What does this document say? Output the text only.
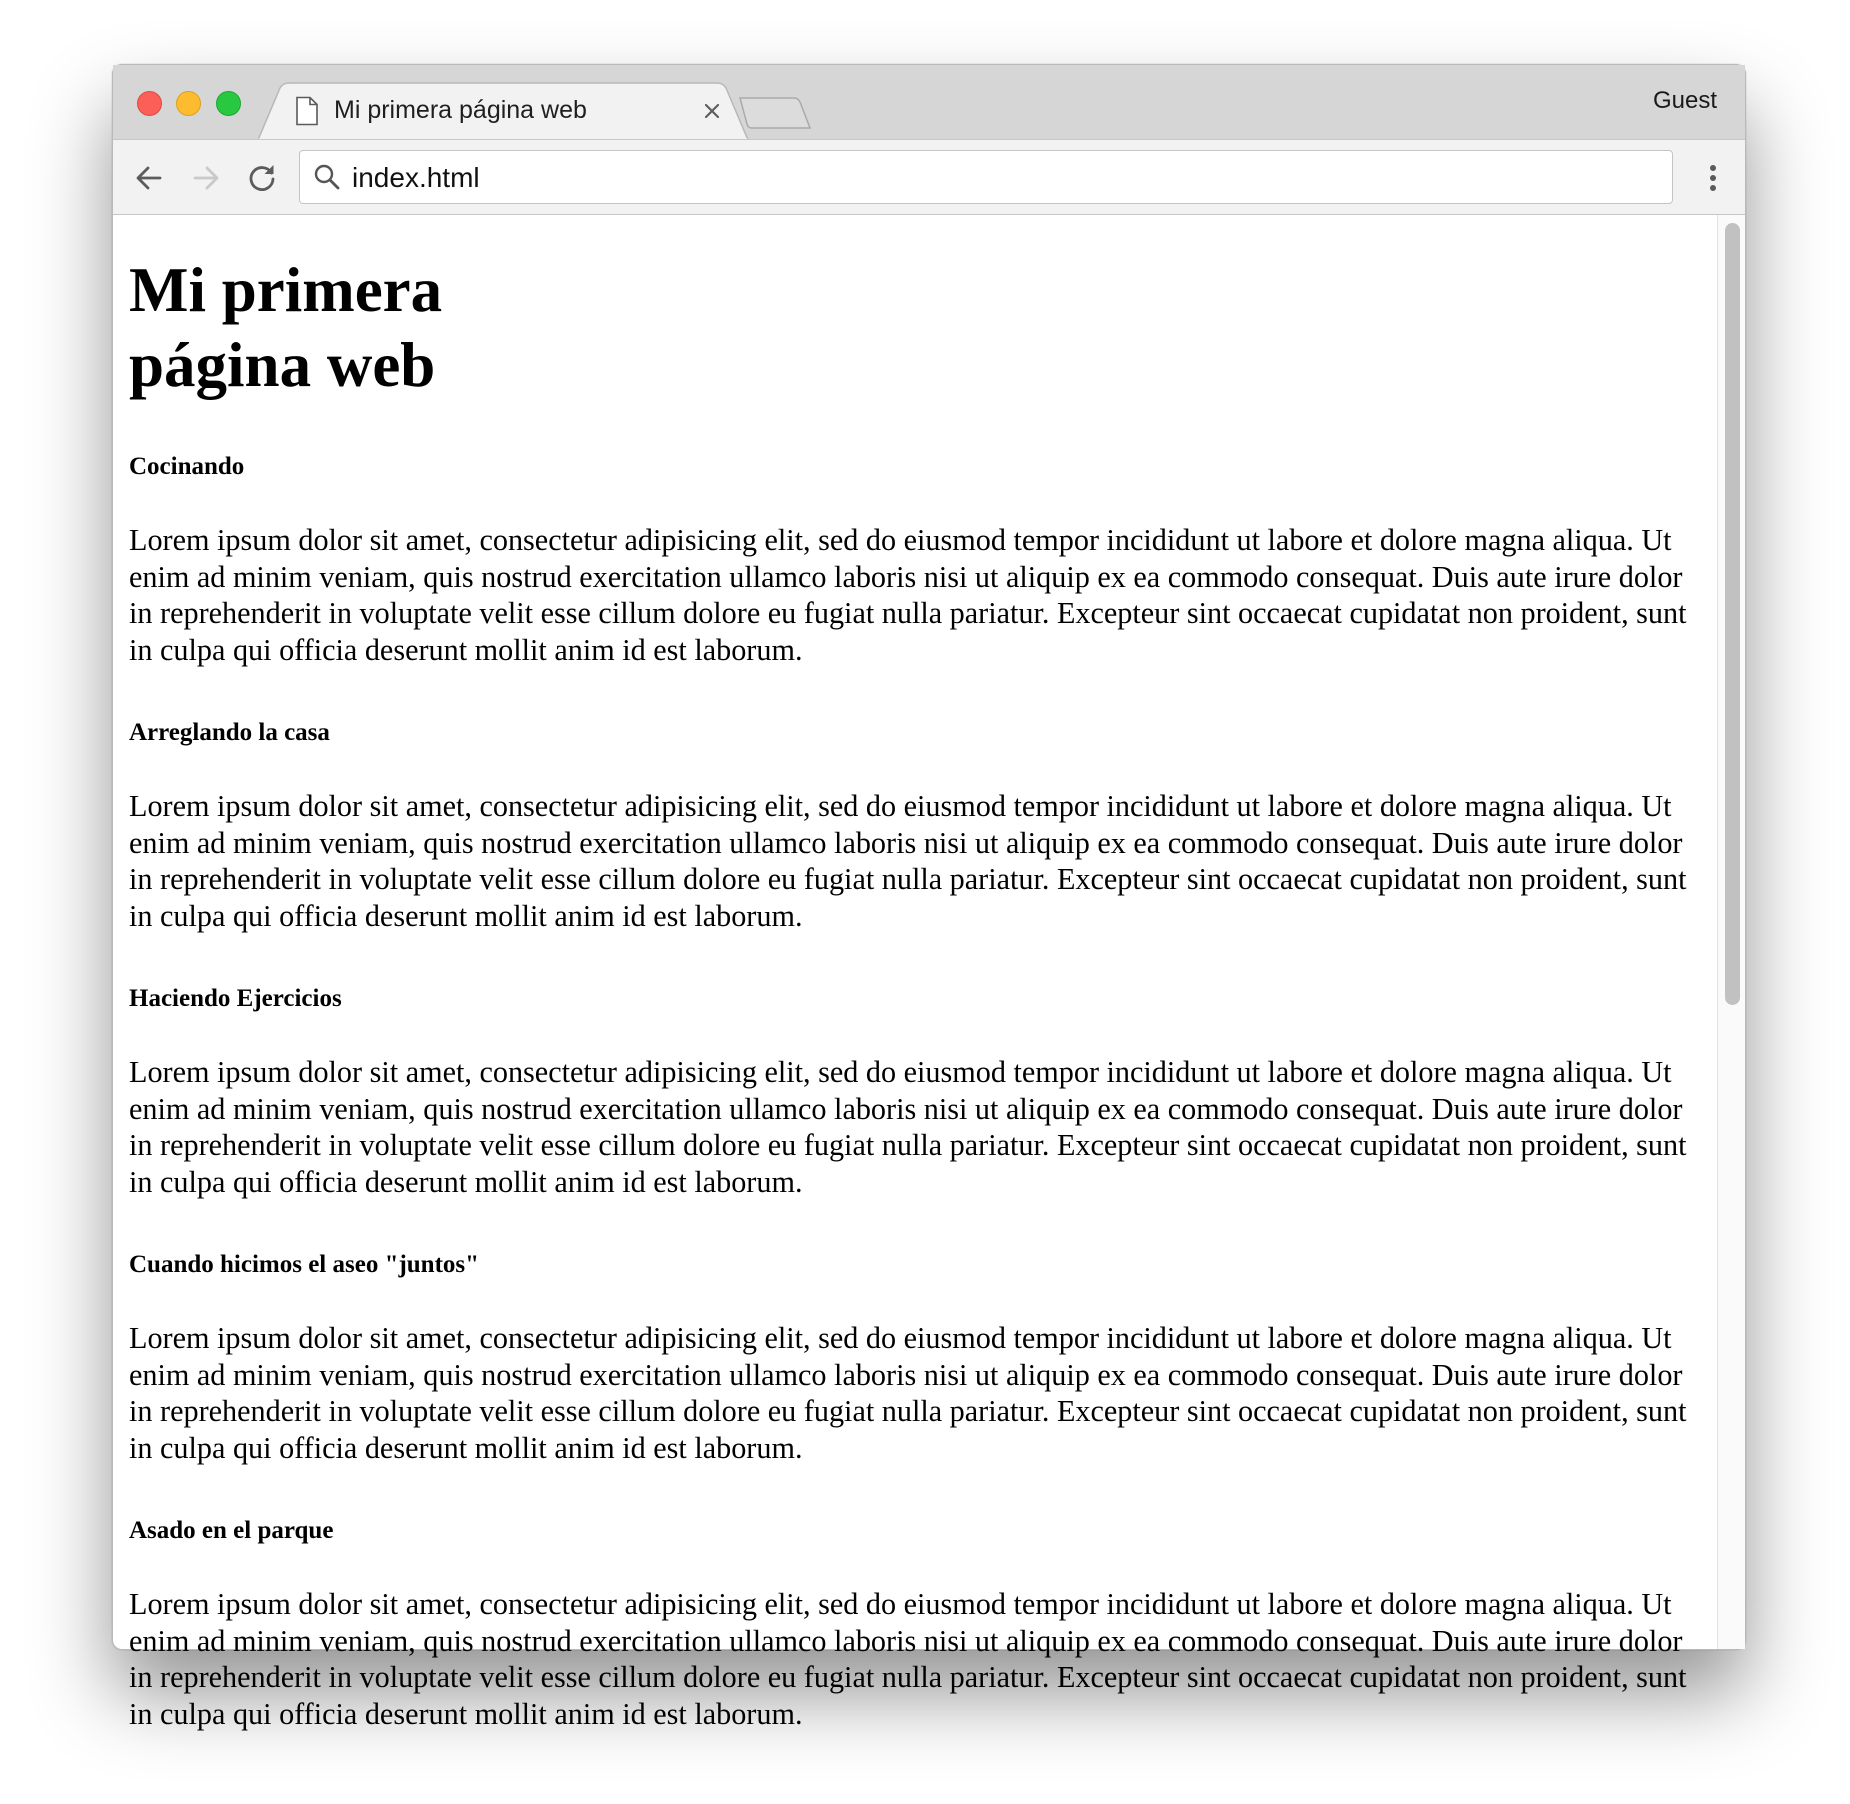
Mi primera página web	Guest
index.html
Mi primera
página web
Cocinando

Lorem ipsum dolor sit amet, consectetur adipisicing elit, sed do eiusmod tempor incididunt ut labore et dolore magna aliqua. Ut enim ad minim veniam, quis nostrud exercitation ullamco laboris nisi ut aliquip ex ea commodo consequat. Duis aute irure dolor in reprehenderit in voluptate velit esse cillum dolore eu fugiat nulla pariatur. Excepteur sint occaecat cupidatat non proident, sunt in culpa qui officia deserunt mollit anim id est laborum.

Arreglando la casa

Lorem ipsum dolor sit amet, consectetur adipisicing elit, sed do eiusmod tempor incididunt ut labore et dolore magna aliqua. Ut enim ad minim veniam, quis nostrud exercitation ullamco laboris nisi ut aliquip ex ea commodo consequat. Duis aute irure dolor in reprehenderit in voluptate velit esse cillum dolore eu fugiat nulla pariatur. Excepteur sint occaecat cupidatat non proident, sunt in culpa qui officia deserunt mollit anim id est laborum.

Haciendo Ejercicios

Lorem ipsum dolor sit amet, consectetur adipisicing elit, sed do eiusmod tempor incididunt ut labore et dolore magna aliqua. Ut enim ad minim veniam, quis nostrud exercitation ullamco laboris nisi ut aliquip ex ea commodo consequat. Duis aute irure dolor in reprehenderit in voluptate velit esse cillum dolore eu fugiat nulla pariatur. Excepteur sint occaecat cupidatat non proident, sunt in culpa qui officia deserunt mollit anim id est laborum.

Cuando hicimos el aseo "juntos"

Lorem ipsum dolor sit amet, consectetur adipisicing elit, sed do eiusmod tempor incididunt ut labore et dolore magna aliqua. Ut enim ad minim veniam, quis nostrud exercitation ullamco laboris nisi ut aliquip ex ea commodo consequat. Duis aute irure dolor in reprehenderit in voluptate velit esse cillum dolore eu fugiat nulla pariatur. Excepteur sint occaecat cupidatat non proident, sunt in culpa qui officia deserunt mollit anim id est laborum.

Asado en el parque

Lorem ipsum dolor sit amet, consectetur adipisicing elit, sed do eiusmod tempor incididunt ut labore et dolore magna aliqua. Ut enim ad minim veniam, quis nostrud exercitation ullamco laboris nisi ut aliquip ex ea commodo consequat. Duis aute irure dolor in reprehenderit in voluptate velit esse cillum dolore eu fugiat nulla pariatur. Excepteur sint occaecat cupidatat non proident, sunt in culpa qui officia deserunt mollit anim id est laborum.
